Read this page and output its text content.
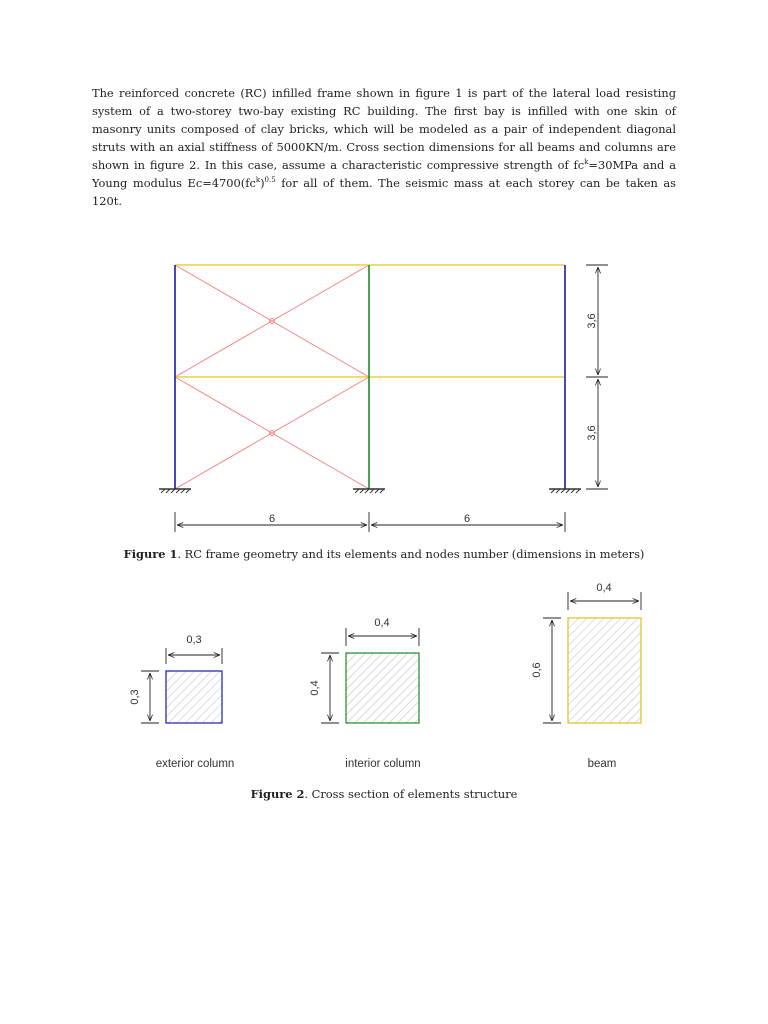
The reinforced concrete (RC) infilled frame shown in figure 1 is part of the lateral load resisting system of a two-storey two-bay existing RC building. The first bay is infilled with one skin of masonry units composed of clay bricks, which will be modeled as a pair of independent diagonal struts with an axial stiffness of 5000KN/m. Cross section dimensions for all beams and columns are shown in figure 2. In this case, assume a characteristic compressive strength of $fc^k=30MPa$ and a Young modulus $Ec=4700(fc^k)^{0.5}$ for all of them. The seismic mass at each storey can be taken as 120t.

3,6
3,6
6	6
0,3
0,3
exterior column
0,4
0,4
interior column
0,4
0,6
beam
Figure 1. RC frame geometry and its elements and nodes number (dimensions in meters)
Figure 2. Cross section of elements structure
